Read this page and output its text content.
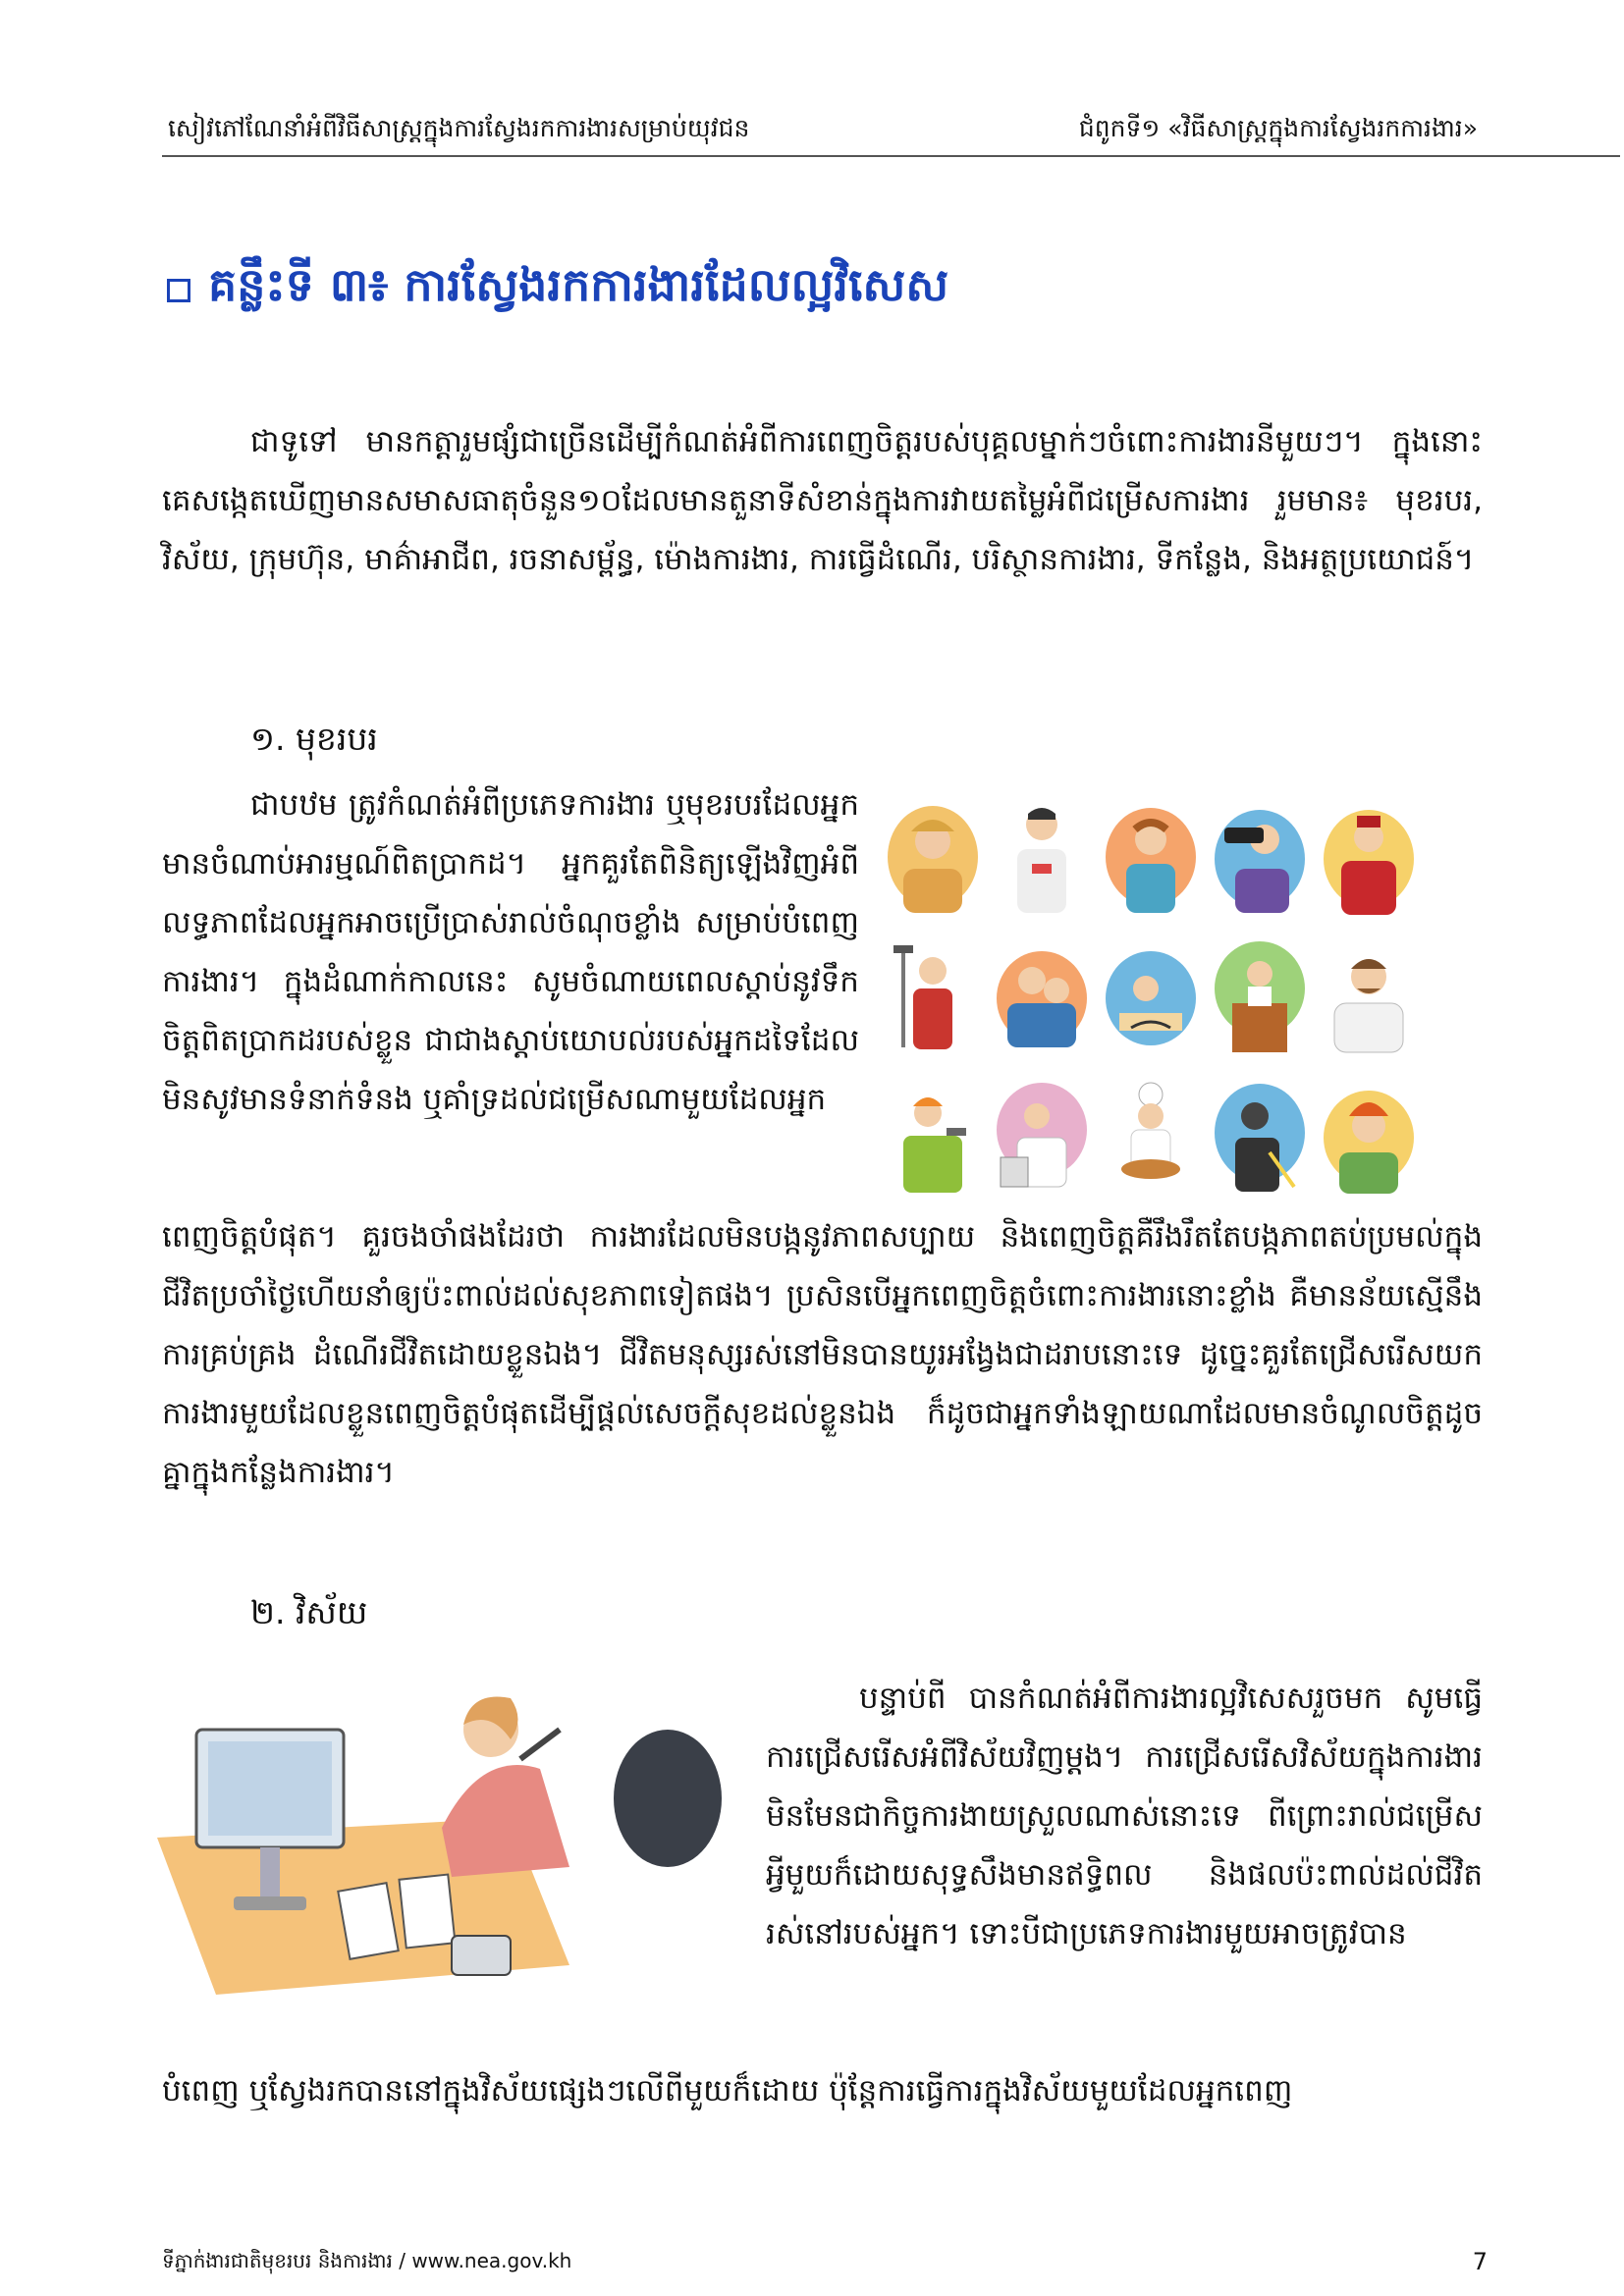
សៀវភៅណែនាំអំពីវិធីសាស្ត្រក្នុងការស្វែងរកការងារសម្រាប់យុវជន	ជំពូកទី១ «វិធីសាស្ត្រក្នុងការស្វែងរកការងារ»
គន្លឹះទី ៣៖ ការស្វែងរកការងារដែលល្អវិសេស

ជាទូទៅ មានកត្តារួមផ្សំជាច្រើនដើម្បីកំណត់អំពីការពេញចិត្តរបស់បុគ្គលម្នាក់ៗចំពោះការងារនីមួយៗ។ ក្នុងនោះ គេសង្កេតឃើញមានសមាសធាតុចំនួន១០ដែលមានតួនាទីសំខាន់ក្នុងការវាយតម្លៃអំពីជម្រើសការងារ រួមមាន៖ មុខរបរ, វិស័យ, ក្រុមហ៊ុន, មាគ៌ាអាជីព, រចនាសម្ព័ន្ធ, ម៉ោងការងារ, ការធ្វើដំណើរ, បរិស្ថានការងារ, ទីកន្លែង, និងអត្ថប្រយោជន៍។

១. មុខរបរ

ជាបឋម ត្រូវកំណត់អំពីប្រភេទការងារ ឬមុខរបរដែលអ្នកមានចំណាប់អារម្មណ៍ពិតប្រាកដ។ អ្នកគួរតែពិនិត្យឡើងវិញអំពីលទ្ធភាពដែលអ្នកអាចប្រើប្រាស់រាល់ចំណុចខ្លាំង សម្រាប់បំពេញការងារ។ ក្នុងដំណាក់កាលនេះ សូមចំណាយពេលស្តាប់នូវទឹកចិត្តពិតប្រាកដរបស់ខ្លួន ជាជាងស្តាប់យោបល់របស់អ្នកដទៃដែលមិនសូវមានទំនាក់ទំនង ឬគាំទ្រដល់ជម្រើសណាមួយដែលអ្នក

ពេញចិត្តបំផុត។ គួរចងចាំផងដែរថា ការងារដែលមិនបង្កនូវភាពសប្បាយ និងពេញចិត្តគឺរឹងរឹតតែបង្កភាពតប់ប្រមល់ក្នុងជីវិតប្រចាំថ្ងៃហើយនាំឲ្យប៉ះពាល់ដល់សុខភាពទៀតផង។ ប្រសិនបើអ្នកពេញចិត្តចំពោះការងារនោះខ្លាំង គឺមានន័យស្មើនឹងការគ្រប់គ្រង ដំណើរជីវិតដោយខ្លួនឯង។ ជីវិតមនុស្សរស់នៅមិនបានយូរអង្វែងជាដរាបនោះទេ ដូច្នេះគួរតែជ្រើសរើសយកការងារមួយដែលខ្លួនពេញចិត្តបំផុតដើម្បីផ្តល់សេចក្តីសុខដល់ខ្លួនឯង ក៏ដូចជាអ្នកទាំងឡាយណាដែលមានចំណូលចិត្តដូចគ្នាក្នុងកន្លែងការងារ។

២. វិស័យ

បន្ទាប់ពី បានកំណត់អំពីការងារល្អវិសេសរួចមក សូមធ្វើការជ្រើសរើសអំពីវិស័យវិញម្តង។ ការជ្រើសរើសវិស័យក្នុងការងារ មិនមែនជាកិច្ចការងាយស្រួលណាស់នោះទេ ពីព្រោះរាល់ជម្រើសអ្វីមួយក៏ដោយសុទ្ធសឹងមានឥទ្ធិពល និងផលប៉ះពាល់ដល់ជីវិតរស់នៅរបស់អ្នក។ ទោះបីជាប្រភេទការងារមួយអាចត្រូវបាន

បំពេញ ឬស្វែងរកបាននៅក្នុងវិស័យផ្សេងៗលើពីមួយក៏ដោយ ប៉ុន្តែការធ្វើការក្នុងវិស័យមួយដែលអ្នកពេញ

ទីភ្នាក់ងារជាតិមុខរបរ និងការងារ / www.nea.gov.kh	7
